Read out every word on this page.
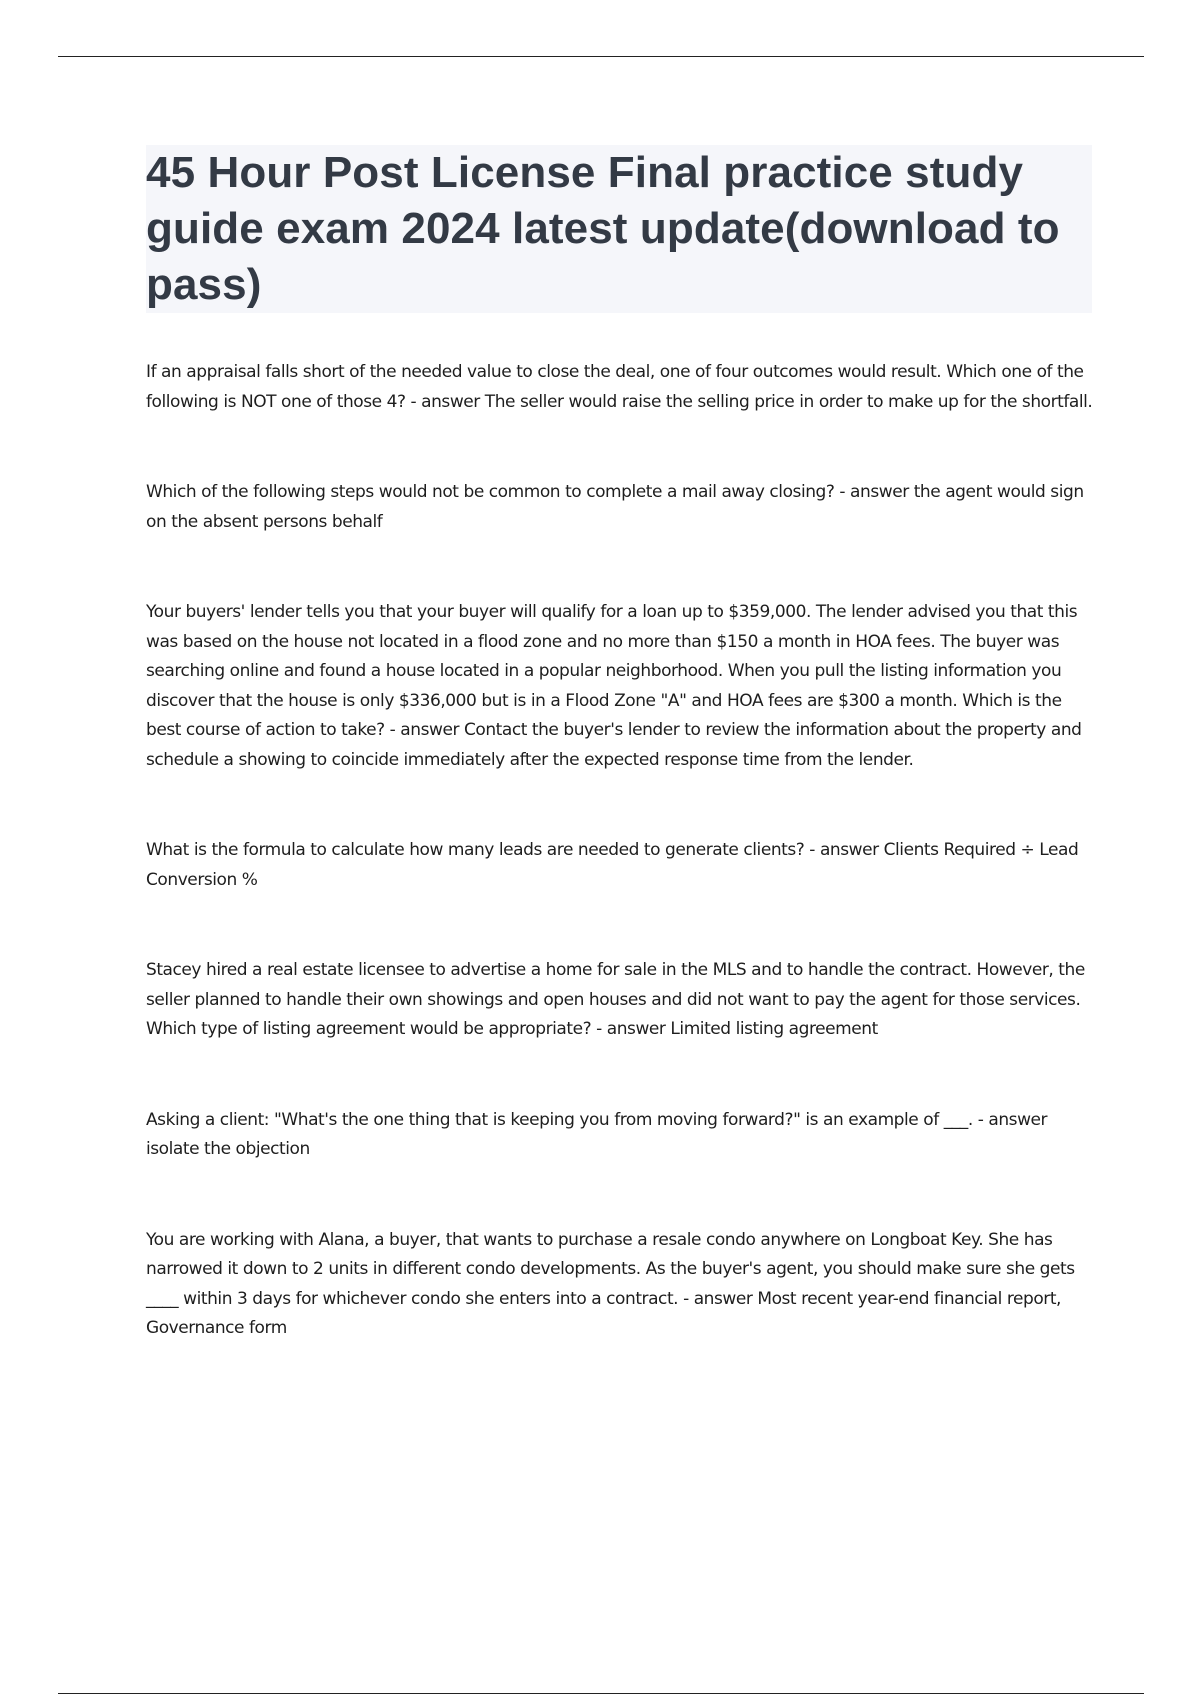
45 Hour Post License Final practice study guide exam 2024 latest update(download to pass)
If an appraisal falls short of the needed value to close the deal, one of four outcomes would result. Which one of the following is NOT one of those 4? - answer The seller would raise the selling price in order to make up for the shortfall.
Which of the following steps would not be common to complete a mail away closing? - answer the agent would sign on the absent persons behalf
Your buyers' lender tells you that your buyer will qualify for a loan up to $359,000. The lender advised you that this was based on the house not located in a flood zone and no more than $150 a month in HOA fees. The buyer was searching online and found a house located in a popular neighborhood. When you pull the listing information you discover that the house is only $336,000 but is in a Flood Zone "A" and HOA fees are $300 a month. Which is the best course of action to take? - answer Contact the buyer's lender to review the information about the property and schedule a showing to coincide immediately after the expected response time from the lender.
What is the formula to calculate how many leads are needed to generate clients? - answer Clients Required ÷ Lead Conversion %
Stacey hired a real estate licensee to advertise a home for sale in the MLS and to handle the contract. However, the seller planned to handle their own showings and open houses and did not want to pay the agent for those services. Which type of listing agreement would be appropriate? - answer Limited listing agreement
Asking a client: "What's the one thing that is keeping you from moving forward?" is an example of ___. - answer isolate the objection
You are working with Alana, a buyer, that wants to purchase a resale condo anywhere on Longboat Key. She has narrowed it down to 2 units in different condo developments. As the buyer's agent, you should make sure she gets ____ within 3 days for whichever condo she enters into a contract. - answer Most recent year-end financial report, Governance form
